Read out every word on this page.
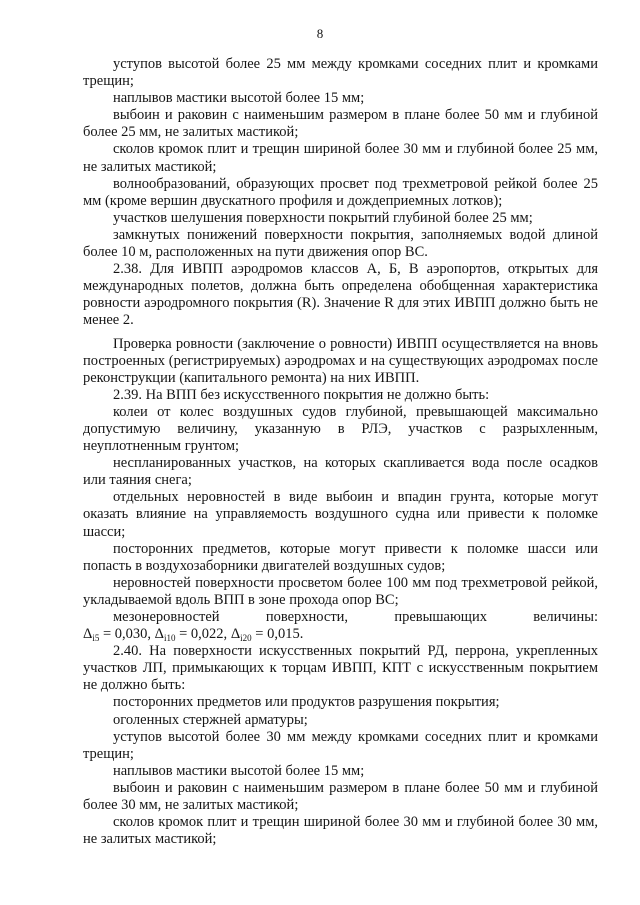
8

уступов высотой более 25 мм между кромками соседних плит и кромками трещин;

наплывов мастики высотой более 15 мм;

выбоин и раковин с наименьшим размером в плане более 50 мм и глубиной более 25 мм, не залитых мастикой;

сколов кромок плит и трещин шириной более 30 мм и глубиной более 25 мм, не залитых мастикой;

волнообразований, образующих просвет под трехметровой рейкой более 25 мм (кроме вершин двускатного профиля и дождеприемных лотков);

участков шелушения поверхности покрытий глубиной более 25 мм;

замкнутых понижений поверхности покрытия, заполняемых водой длиной более 10 м, расположенных на пути движения опор ВС.

2.38. Для ИВПП аэродромов классов А, Б, В аэропортов, открытых для международных полетов, должна быть определена обобщенная характеристика ровности аэродромного покрытия (R). Значение R для этих ИВПП должно быть не менее 2.

Проверка ровности (заключение о ровности) ИВПП осуществляется на вновь построенных (регистрируемых) аэродромах и на существующих аэродромах после реконструкции (капитального ремонта) на них ИВПП.

2.39. На ВПП без искусственного покрытия не должно быть:

колеи от колес воздушных судов глубиной, превышающей максимально допустимую величину, указанную в РЛЭ, участков с разрыхленным, неуплотненным грунтом;

неспланированных участков, на которых скапливается вода после осадков или таяния снега;

отдельных неровностей в виде выбоин и впадин грунта, которые могут оказать влияние на управляемость воздушного судна или привести к поломке шасси;

посторонних предметов, которые могут привести к поломке шасси или попасть в воздухозаборники двигателей воздушных судов;

неровностей поверхности просветом более 100 мм под трехметровой рейкой, укладываемой вдоль ВПП в зоне прохода опор ВС;

мезонеровностей поверхности, превышающих величины:

$\Delta_{i5} = 0,030$, $\Delta_{i10} = 0,022$, $\Delta_{i20} = 0,015$.

2.40. На поверхности искусственных покрытий РД, перрона, укрепленных участков ЛП, примыкающих к торцам ИВПП, КПТ с искусственным покрытием не должно быть:

посторонних предметов или продуктов разрушения покрытия;

оголенных стержней арматуры;

уступов высотой более 30 мм между кромками соседних плит и кромками трещин;

наплывов мастики высотой более 15 мм;

выбоин и раковин с наименьшим размером в плане более 50 мм и глубиной более 30 мм, не залитых мастикой;

сколов кромок плит и трещин шириной более 30 мм и глубиной более 30 мм, не залитых мастикой;
